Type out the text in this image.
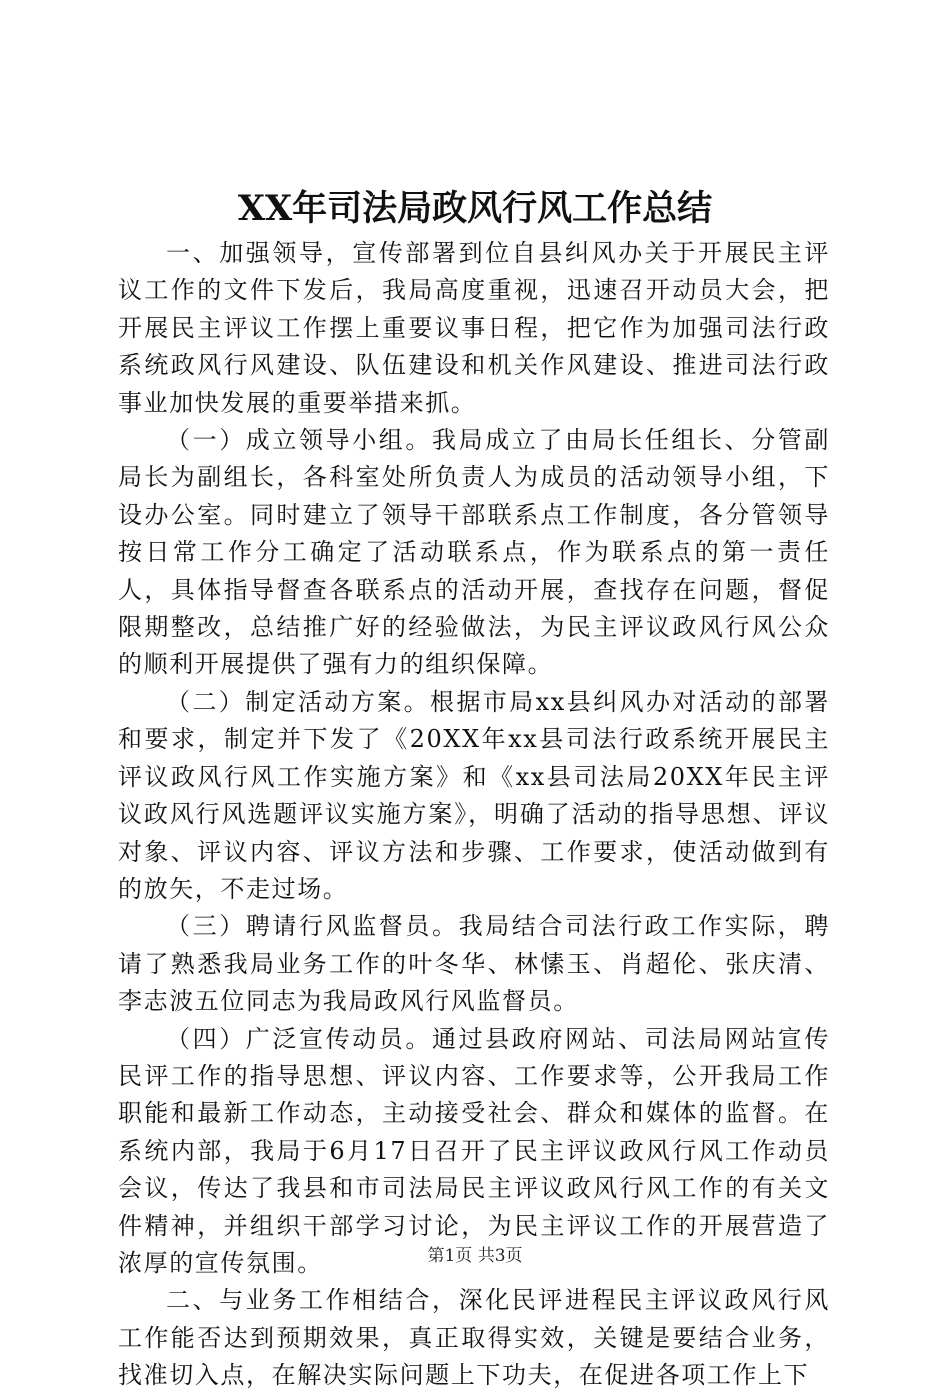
XX年司法局政风行风工作总结

一、加强领导，宣传部署到位自县纠风办关于开展民主评议工作的文件下发后，我局高度重视，迅速召开动员大会，把开展民主评议工作摆上重要议事日程，把它作为加强司法行政系统政风行风建设、队伍建设和机关作风建设、推进司法行政事业加快发展的重要举措来抓。

（一）成立领导小组。我局成立了由局长任组长、分管副局长为副组长，各科室处所负责人为成员的活动领导小组，下设办公室。同时建立了领导干部联系点工作制度，各分管领导按日常工作分工确定了活动联系点，作为联系点的第一责任人，具体指导督查各联系点的活动开展，查找存在问题，督促限期整改，总结推广好的经验做法，为民主评议政风行风公众的顺利开展提供了强有力的组织保障。

（二）制定活动方案。根据市局xx县纠风办对活动的部署和要求，制定并下发了《20XX年xx县司法行政系统开展民主评议政风行风工作实施方案》和《xx县司法局20XX年民主评议政风行风选题评议实施方案》，明确了活动的指导思想、评议对象、评议内容、评议方法和步骤、工作要求，使活动做到有的放矢，不走过场。

（三）聘请行风监督员。我局结合司法行政工作实际，聘请了熟悉我局业务工作的叶冬华、林愫玉、肖超伦、张庆清、李志波五位同志为我局政风行风监督员。

（四）广泛宣传动员。通过县政府网站、司法局网站宣传民评工作的指导思想、评议内容、工作要求等，公开我局工作职能和最新工作动态，主动接受社会、群众和媒体的监督。在系统内部，我局于6月17日召开了民主评议政风行风工作动员会议，传达了我县和市司法局民主评议政风行风工作的有关文件精神，并组织干部学习讨论，为民主评议工作的开展营造了浓厚的宣传氛围。

二、与业务工作相结合，深化民评进程民主评议政风行风工作能否达到预期效果，真正取得实效，关键是要结合业务，找准切入点，在解决实际问题上下功夫，在促进各项工作上下

第1页 共3页
